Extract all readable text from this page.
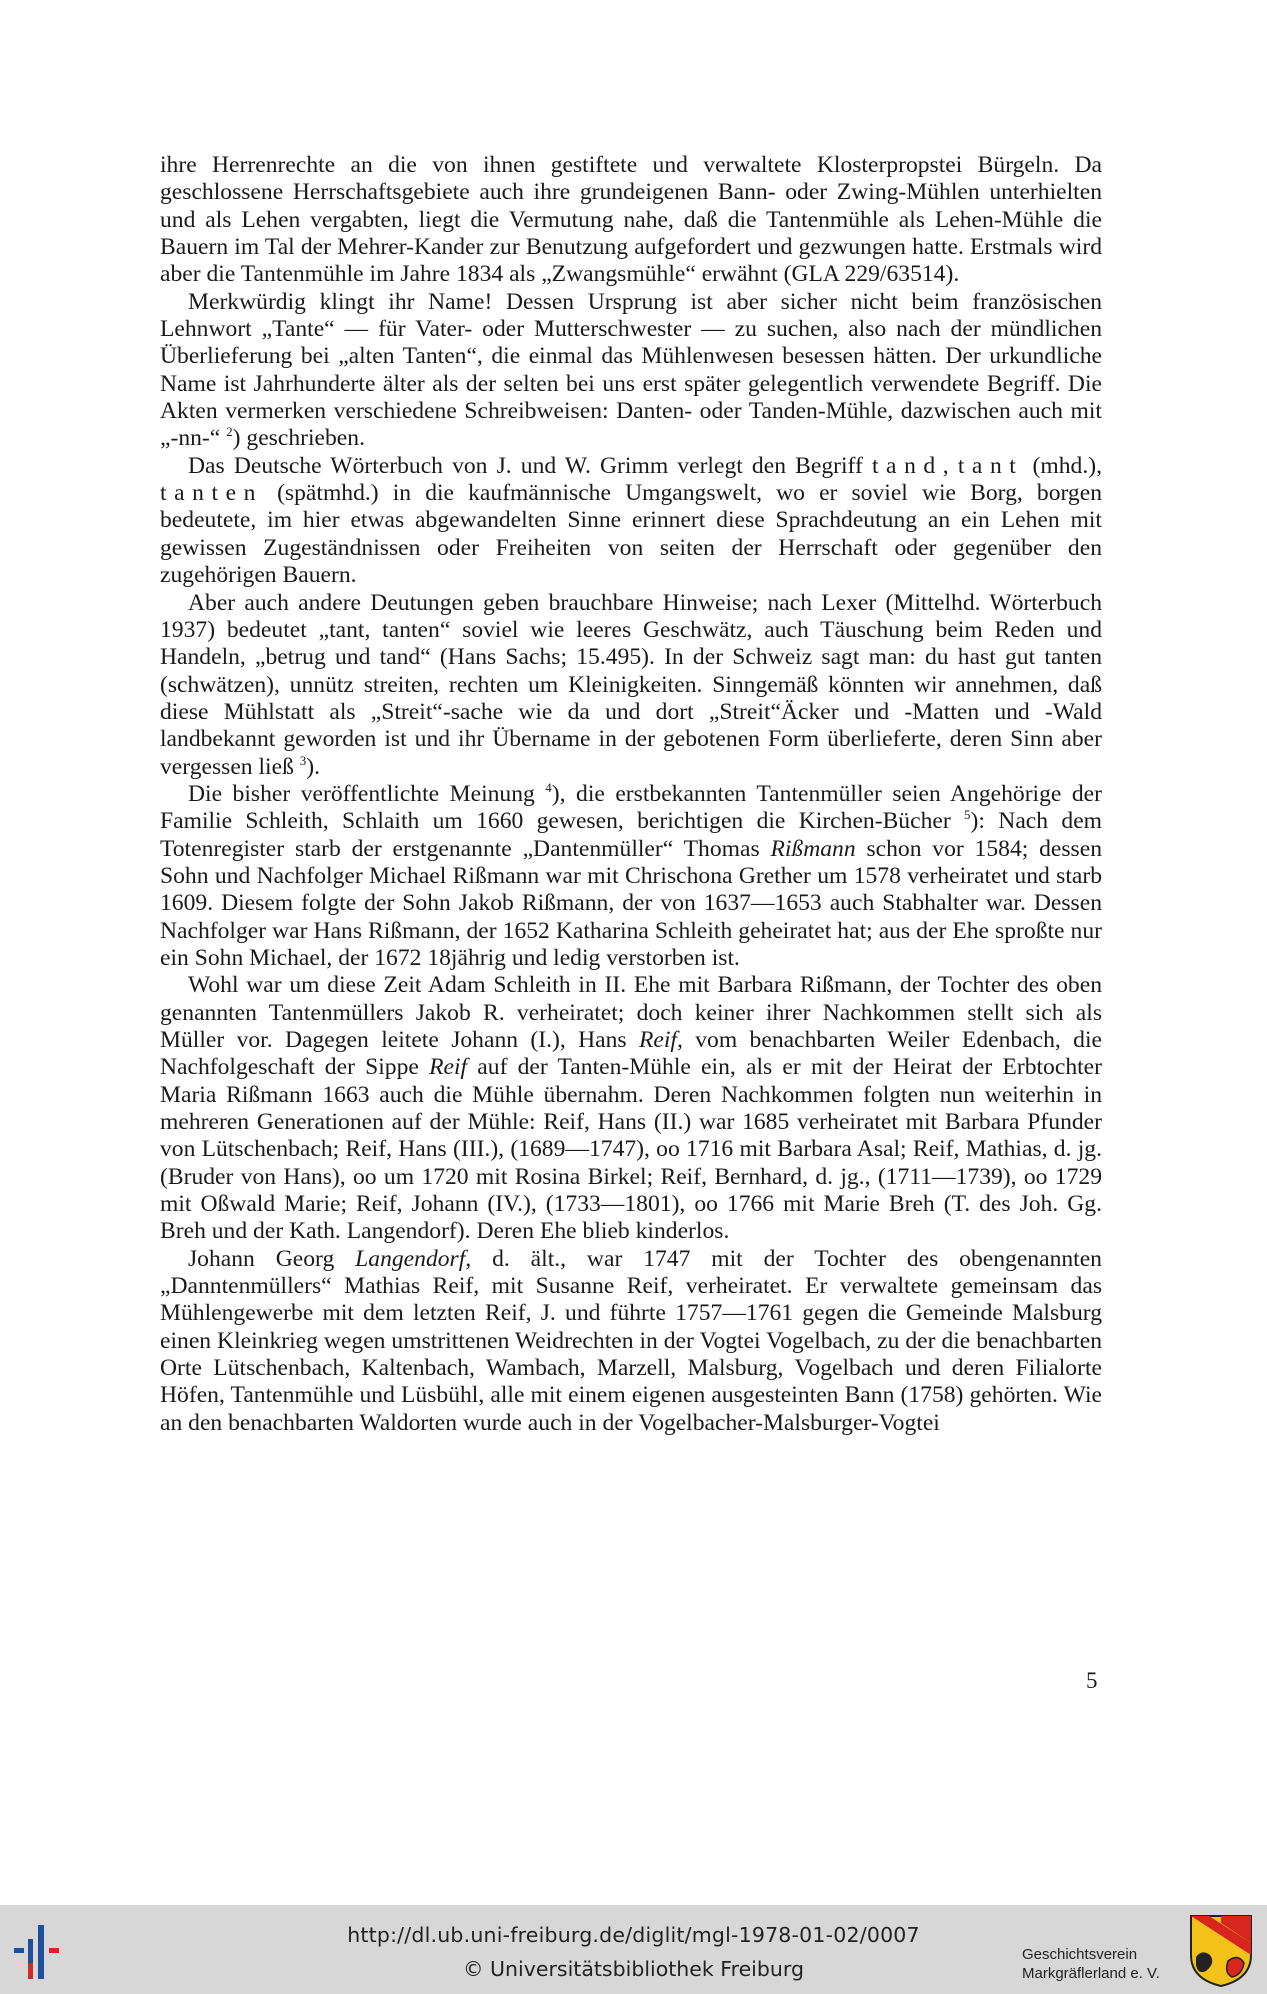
ihre Herrenrechte an die von ihnen gestiftete und verwaltete Klosterpropstei Bürgeln. Da geschlossene Herrschaftsgebiete auch ihre grundeigenen Bann- oder Zwing-Mühlen unterhielten und als Lehen vergabten, liegt die Vermutung nahe, daß die Tantenmühle als Lehen-Mühle die Bauern im Tal der Mehrer-Kander zur Benutzung aufgefordert und gezwungen hatte. Erstmals wird aber die Tantenmühle im Jahre 1834 als „Zwangsmühle“ erwähnt (GLA 229/63514).

Merkwürdig klingt ihr Name! Dessen Ursprung ist aber sicher nicht beim französischen Lehnwort „Tante“ — für Vater- oder Mutterschwester — zu suchen, also nach der mündlichen Überlieferung bei „alten Tanten“, die einmal das Mühlenwesen besessen hätten. Der urkundliche Name ist Jahrhunderte älter als der selten bei uns erst später gelegentlich verwendete Begriff. Die Akten vermerken verschiedene Schreibweisen: Danten- oder Tanden-Mühle, dazwischen auch mit „-nn-“ $^2$) geschrieben.

Das Deutsche Wörterbuch von J. und W. Grimm verlegt den Begriff tand, tant (mhd.), tanten (spätmhd.) in die kaufmännische Umgangswelt, wo er soviel wie Borg, borgen bedeutete, im hier etwas abgewandelten Sinne erinnert diese Sprachdeutung an ein Lehen mit gewissen Zugeständnissen oder Freiheiten von seiten der Herrschaft oder gegenüber den zugehörigen Bauern.

Aber auch andere Deutungen geben brauchbare Hinweise; nach Lexer (Mittelhd. Wörterbuch 1937) bedeutet „tant, tanten“ soviel wie leeres Geschwätz, auch Täuschung beim Reden und Handeln, „betrug und tand“ (Hans Sachs; 15.495). In der Schweiz sagt man: du hast gut tanten (schwätzen), unnütz streiten, rechten um Kleinigkeiten. Sinngemäß könnten wir annehmen, daß diese Mühlstatt als „Streit“-sache wie da und dort „Streit“Äcker und -Matten und -Wald landbekannt geworden ist und ihr Übername in der gebotenen Form überlieferte, deren Sinn aber vergessen ließ $^3$).

Die bisher veröffentlichte Meinung $^4$), die erstbekannten Tantenmüller seien Angehörige der Familie Schleith, Schlaith um 1660 gewesen, berichtigen die Kirchen-Bücher $^5$): Nach dem Totenregister starb der erstgenannte „Dantenmüller“ Thomas Rißmann schon vor 1584; dessen Sohn und Nachfolger Michael Rißmann war mit Chrischona Grether um 1578 verheiratet und starb 1609. Diesem folgte der Sohn Jakob Rißmann, der von 1637—1653 auch Stabhalter war. Dessen Nachfolger war Hans Rißmann, der 1652 Katharina Schleith geheiratet hat; aus der Ehe sproßte nur ein Sohn Michael, der 1672 18jährig und ledig verstorben ist.

Wohl war um diese Zeit Adam Schleith in II. Ehe mit Barbara Rißmann, der Tochter des oben genannten Tantenmüllers Jakob R. verheiratet; doch keiner ihrer Nachkommen stellt sich als Müller vor. Dagegen leitete Johann (I.), Hans Reif, vom benachbarten Weiler Edenbach, die Nachfolgeschaft der Sippe Reif auf der Tanten-Mühle ein, als er mit der Heirat der Erbtochter Maria Rißmann 1663 auch die Mühle übernahm. Deren Nachkommen folgten nun weiterhin in mehreren Generationen auf der Mühle: Reif, Hans (II.) war 1685 verheiratet mit Barbara Pfunder von Lütschenbach; Reif, Hans (III.), (1689—1747), oo 1716 mit Barbara Asal; Reif, Mathias, d. jg. (Bruder von Hans), oo um 1720 mit Rosina Birkel; Reif, Bernhard, d. jg., (1711—1739), oo 1729 mit Oßwald Marie; Reif, Johann (IV.), (1733—1801), oo 1766 mit Marie Breh (T. des Joh. Gg. Breh und der Kath. Langendorf). Deren Ehe blieb kinderlos.

Johann Georg Langendorf, d. ält., war 1747 mit der Tochter des obengenannten „Danntenmüllers“ Mathias Reif, mit Susanne Reif, verheiratet. Er verwaltete gemeinsam das Mühlengewerbe mit dem letzten Reif, J. und führte 1757—1761 gegen die Gemeinde Malsburg einen Kleinkrieg wegen umstrittenen Weidrechten in der Vogtei Vogelbach, zu der die benachbarten Orte Lütschenbach, Kaltenbach, Wambach, Marzell, Malsburg, Vogelbach und deren Filialorte Höfen, Tantenmühle und Lüsbühl, alle mit einem eigenen ausgesteinten Bann (1758) gehörten. Wie an den benachbarten Waldorten wurde auch in der Vogelbacher-Malsburger-Vogtei

5
http://dl.ub.uni-freiburg.de/diglit/mgl-1978-01-02/0007
© Universitätsbibliothek Freiburg
Geschichtsverein
Markgräflerland e. V.
